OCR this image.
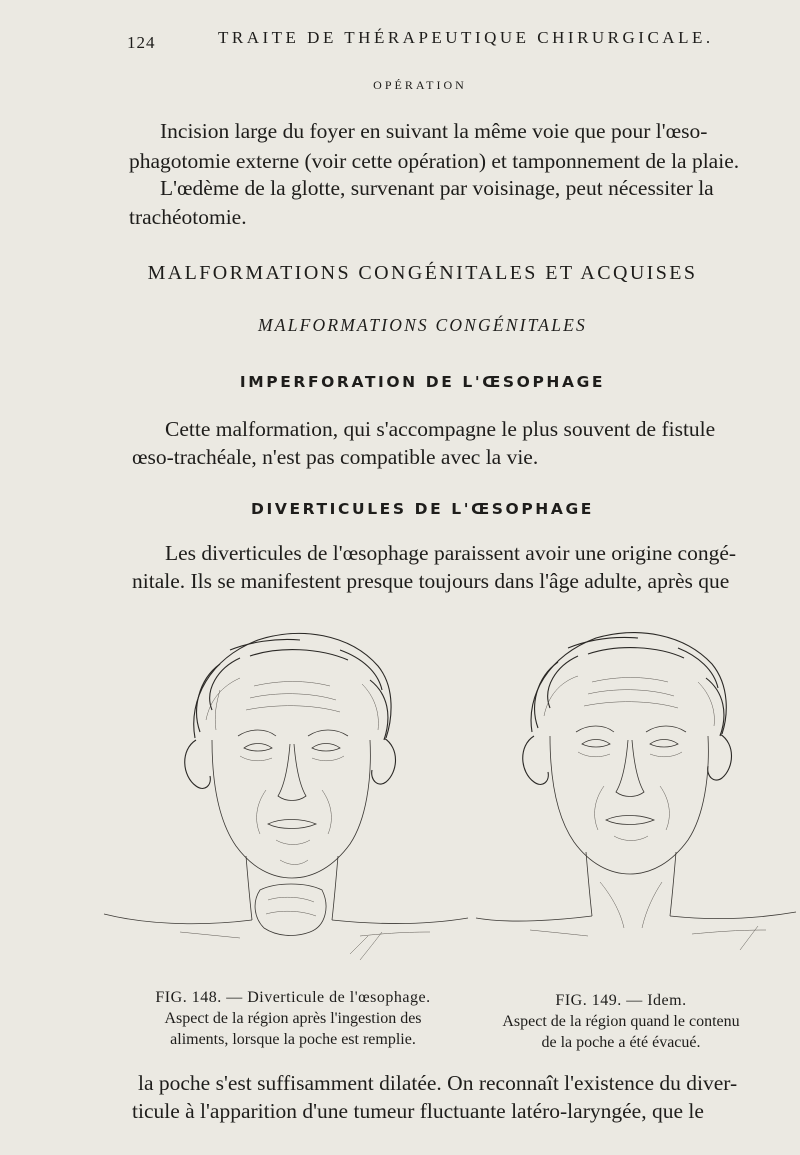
124	TRAITE DE THÉRAPEUTIQUE CHIRURGICALE.
OPÉRATION
Incision large du foyer en suivant la même voie que pour l'œso-
phagotomie externe (voir cette opération) et tamponnement de la plaie.
L'œdème de la glotte, survenant par voisinage, peut nécessiter la
trachéotomie.
MALFORMATIONS CONGÉNITALES ET ACQUISES
MALFORMATIONS CONGÉNITALES
IMPERFORATION DE L'ŒSOPHAGE
Cette malformation, qui s'accompagne le plus souvent de fistule
œso-trachéale, n'est pas compatible avec la vie.
DIVERTICULES DE L'ŒSOPHAGE
Les diverticules de l'œsophage paraissent avoir une origine congé-
nitale. Ils se manifestent presque toujours dans l'âge adulte, après que
FIG. 148. — Diverticule de l'œsophage.
Aspect de la région après l'ingestion des
aliments, lorsque la poche est remplie.
FIG. 149. — Idem.
Aspect de la région quand le contenu
de la poche a été évacué.
la poche s'est suffisamment dilatée. On reconnaît l'existence du diver-
ticule à l'apparition d'une tumeur fluctuante latéro-laryngée, que le
